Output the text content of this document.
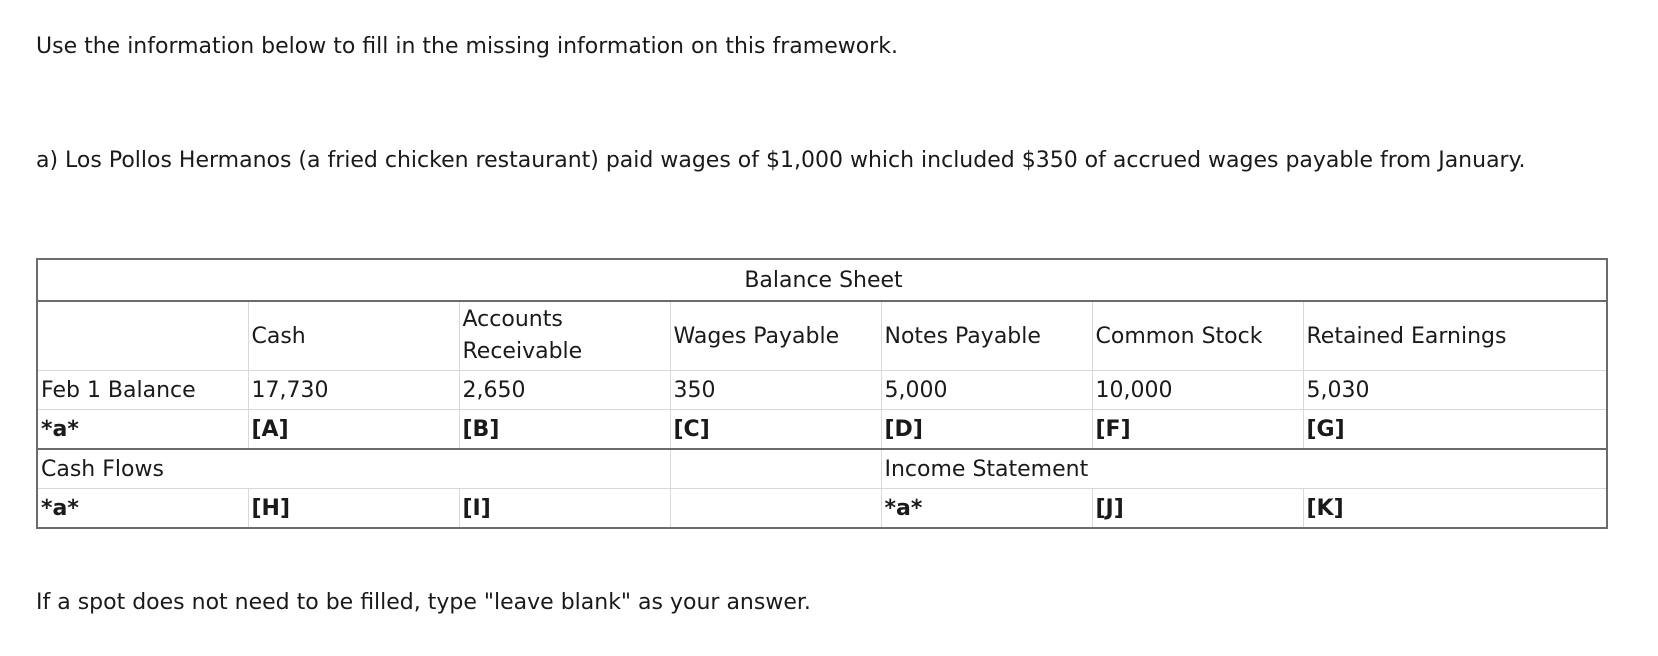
Use the information below to fill in the missing information on this framework.
a) Los Pollos Hermanos (a fried chicken restaurant) paid wages of $1,000 which included $350 of accrued wages payable from January.
Balance Sheet						
	Cash	Accounts Receivable	Wages Payable	Notes Payable	Common Stock	Retained Earnings
Feb 1 Balance	17,730	2,650	350	5,000	10,000	5,030
*a*	[A]	[B]	[C]	[D]	[F]	[G]
Cash Flows				Income Statement		
*a*	[H]	[I]		*a*	[J]	[K]
If a spot does not need to be filled, type "leave blank" as your answer.
